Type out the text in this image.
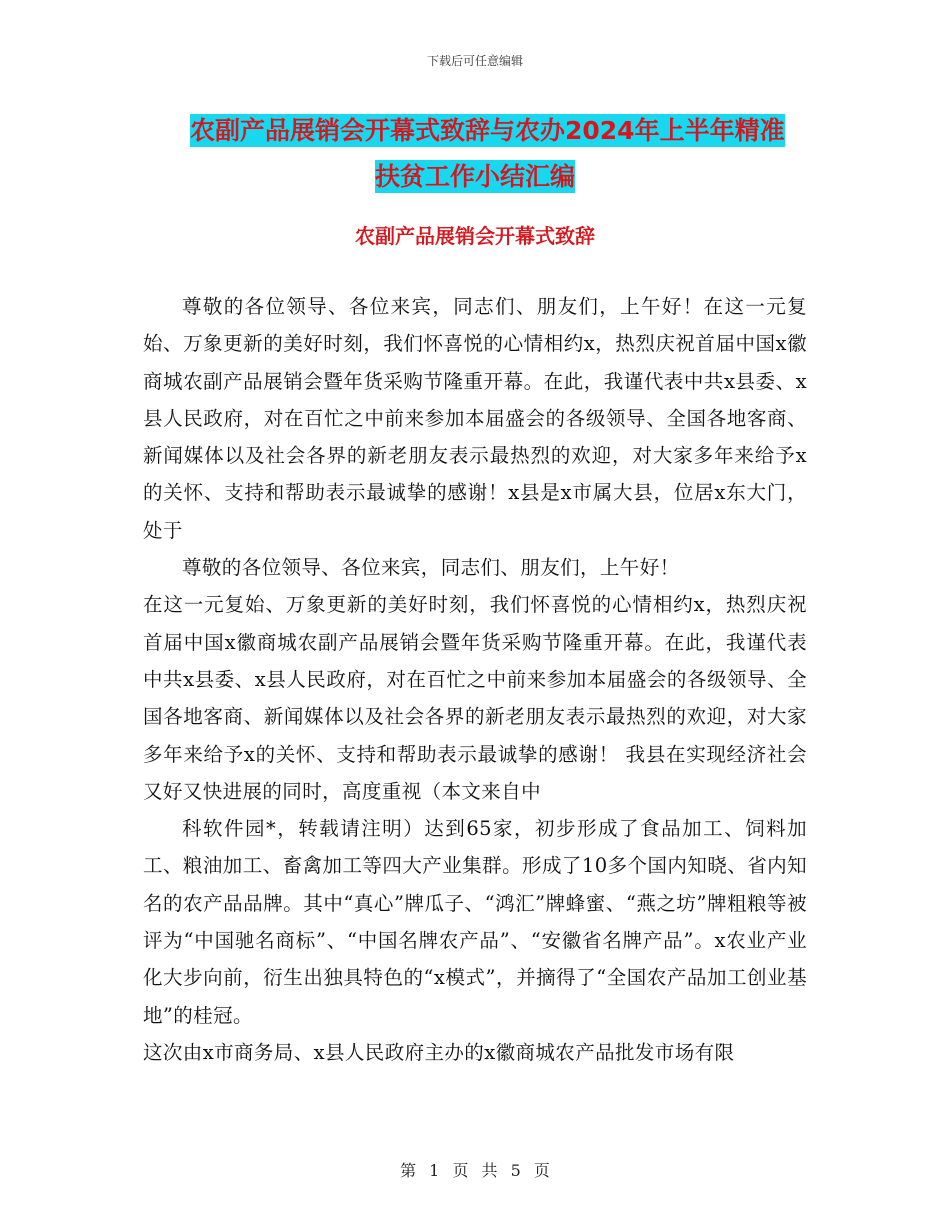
下载后可任意编辑
农副产品展销会开幕式致辞与农办2024年上半年精准
扶贫工作小结汇编
农副产品展销会开幕式致辞

尊敬的各位领导、各位来宾，同志们、朋友们，上午好！在这一元复始、万象更新的美好时刻，我们怀喜悦的心情相约x，热烈庆祝首届中国x徽商城农副产品展销会暨年货采购节隆重开幕。在此，我谨代表中共x县委、x县人民政府，对在百忙之中前来参加本届盛会的各级领导、全国各地客商、新闻媒体以及社会各界的新老朋友表示最热烈的欢迎，对大家多年来给予x的关怀、支持和帮助表示最诚挚的感谢！x县是x市属大县，位居x东大门，处于

尊敬的各位领导、各位来宾，同志们、朋友们，上午好！

在这一元复始、万象更新的美好时刻，我们怀喜悦的心情相约x，热烈庆祝首届中国x徽商城农副产品展销会暨年货采购节隆重开幕。在此，我谨代表中共x县委、x县人民政府，对在百忙之中前来参加本届盛会的各级领导、全国各地客商、新闻媒体以及社会各界的新老朋友表示最热烈的欢迎，对大家多年来给予x的关怀、支持和帮助表示最诚挚的感谢！ 我县在实现经济社会又好又快进展的同时，高度重视（本文来自中

科软件园*，转载请注明）达到65家，初步形成了食品加工、饲料加工、粮油加工、畜禽加工等四大产业集群。形成了10多个国内知晓、省内知名的农产品品牌。其中“真心”牌瓜子、“鸿汇”牌蜂蜜、“燕之坊”牌粗粮等被评为“中国驰名商标”、“中国名牌农产品”、“安徽省名牌产品”。x农业产业化大步向前，衍生出独具特色的“x模式”，并摘得了“全国农产品加工创业基地”的桂冠。

这次由x市商务局、x县人民政府主办的x徽商城农产品批发市场有限

第 1 页 共 5 页
